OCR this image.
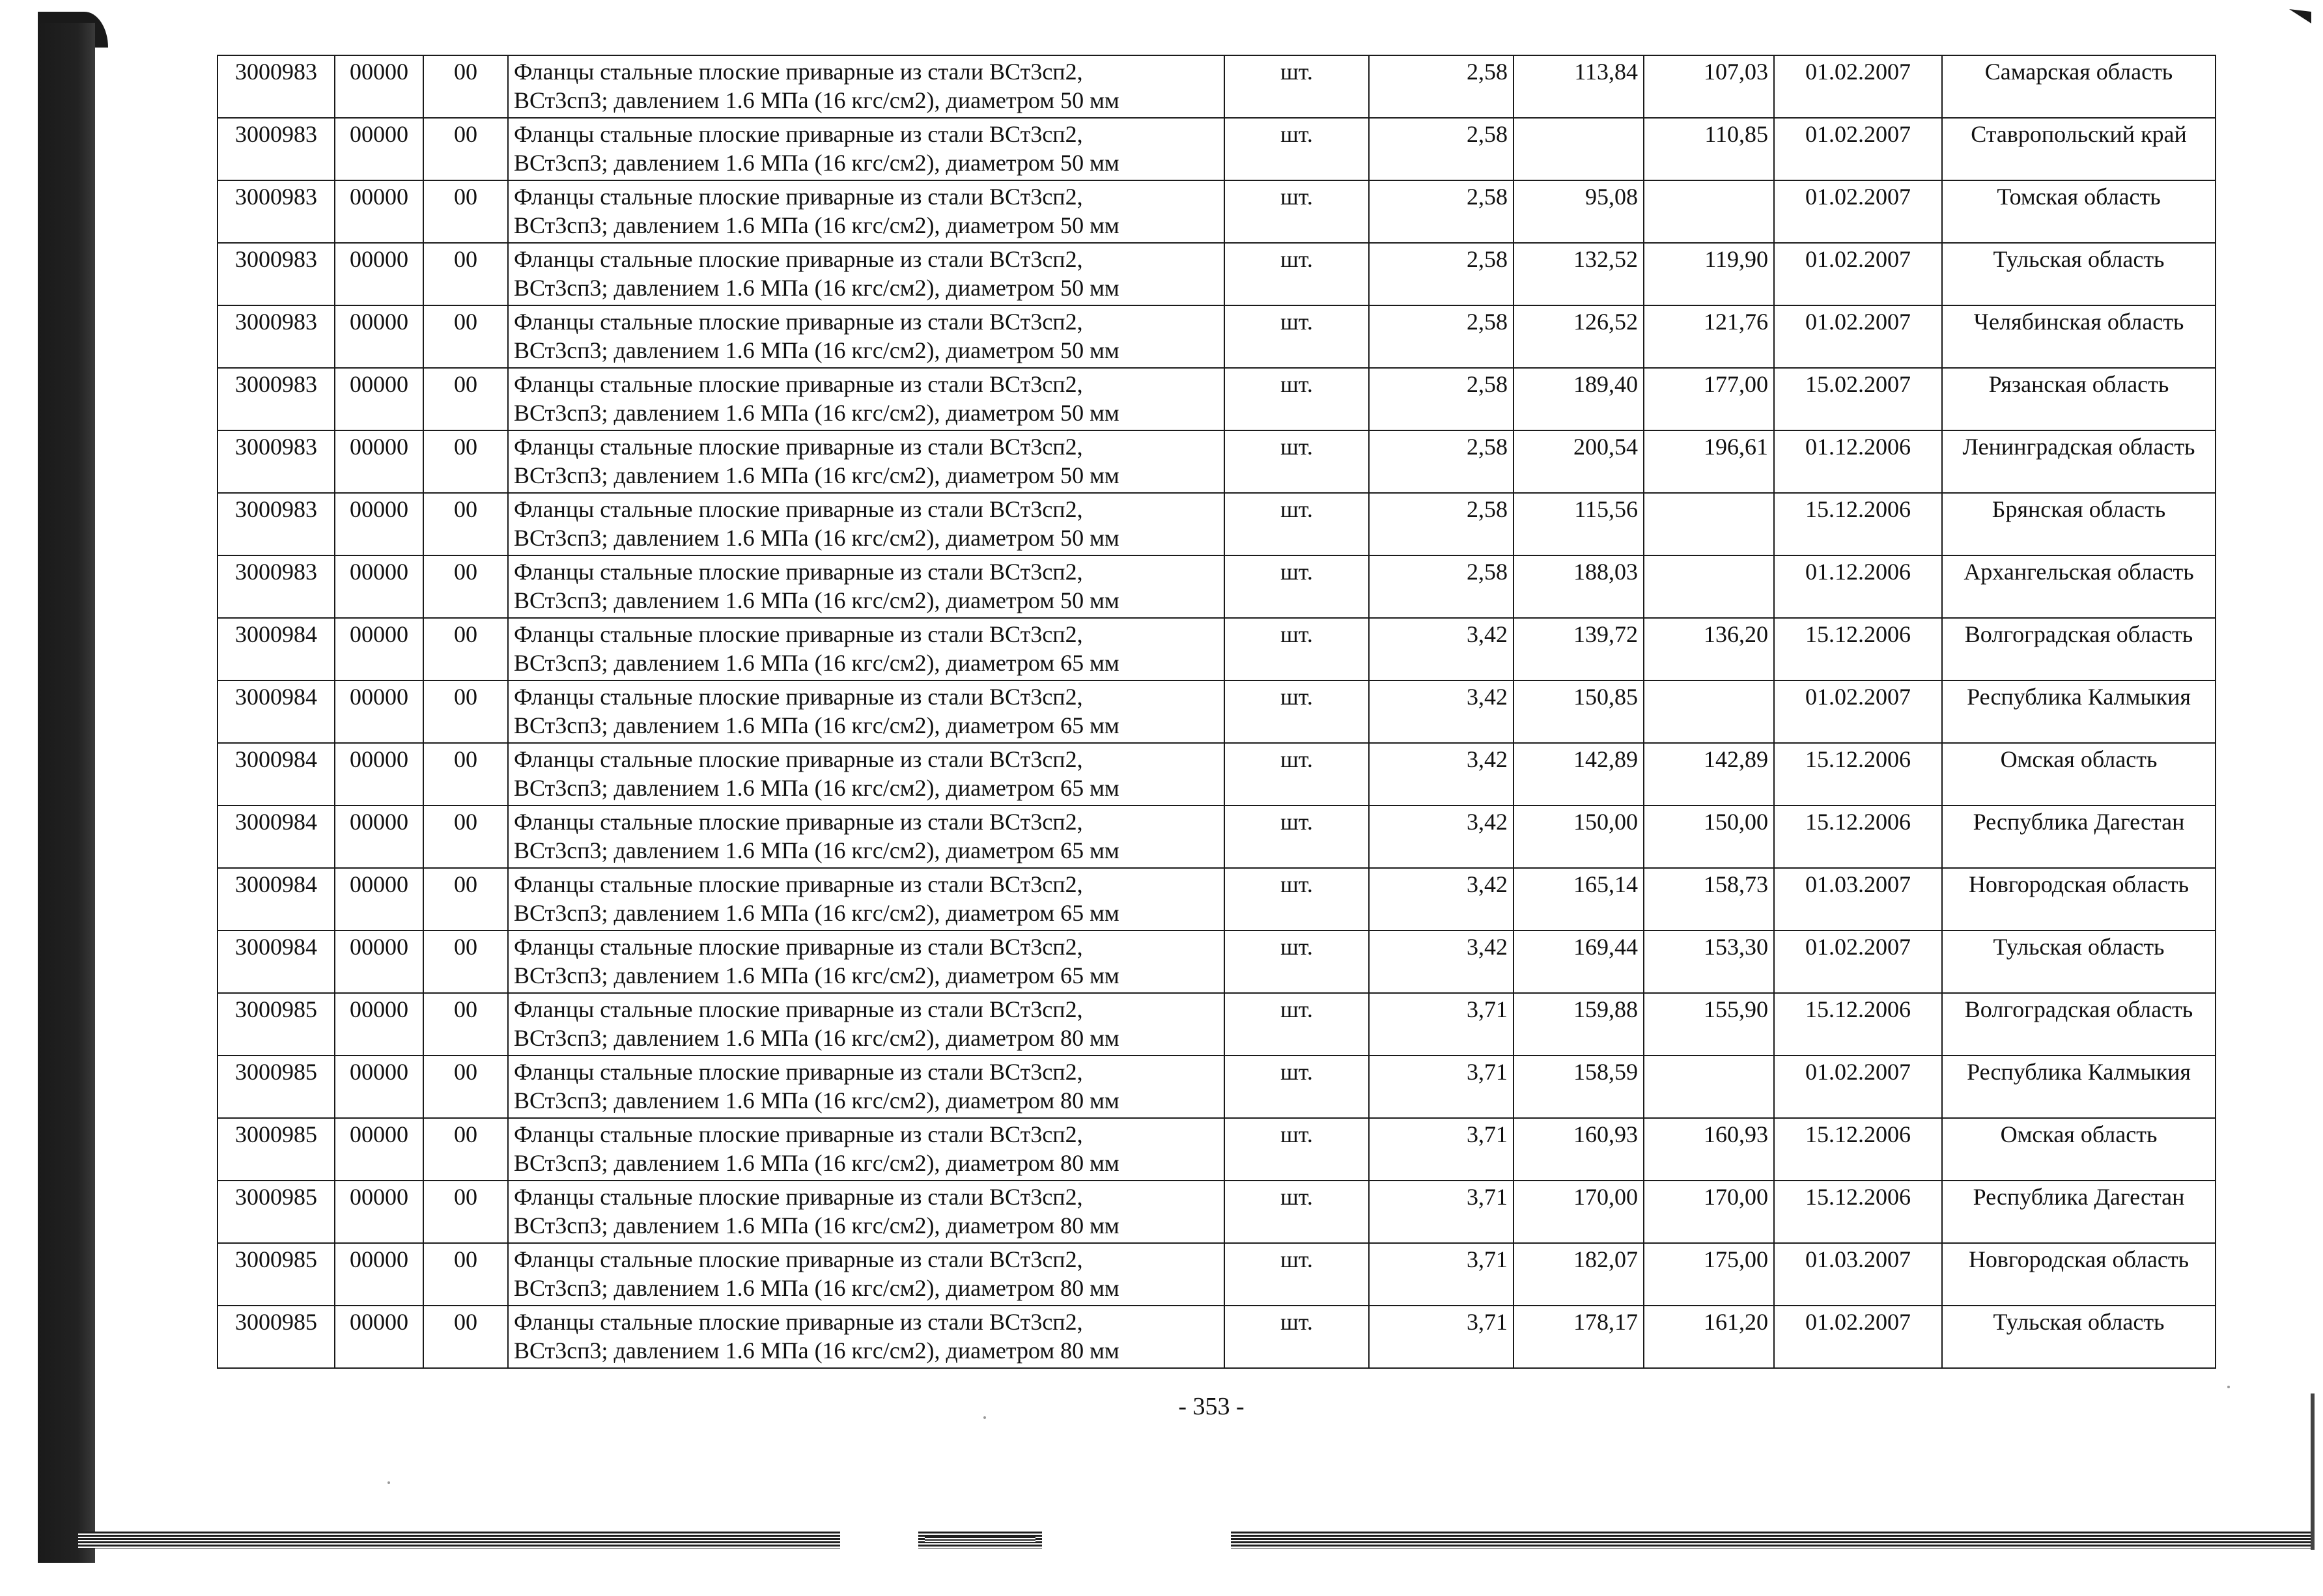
3000983	00000	00	Фланцы стальные плоские приварные из стали ВСт3сп2,
ВСт3сп3; давлением 1.6 МПа (16 кгс/см2), диаметром 50 мм	шт.	2,58	113,84	107,03	01.02.2007	Самарская область
3000983	00000	00	Фланцы стальные плоские приварные из стали ВСт3сп2,
ВСт3сп3; давлением 1.6 МПа (16 кгс/см2), диаметром 50 мм	шт.	2,58		110,85	01.02.2007	Ставропольский край
3000983	00000	00	Фланцы стальные плоские приварные из стали ВСт3сп2,
ВСт3сп3; давлением 1.6 МПа (16 кгс/см2), диаметром 50 мм	шт.	2,58	95,08		01.02.2007	Томская область
3000983	00000	00	Фланцы стальные плоские приварные из стали ВСт3сп2,
ВСт3сп3; давлением 1.6 МПа (16 кгс/см2), диаметром 50 мм	шт.	2,58	132,52	119,90	01.02.2007	Тульская область
3000983	00000	00	Фланцы стальные плоские приварные из стали ВСт3сп2,
ВСт3сп3; давлением 1.6 МПа (16 кгс/см2), диаметром 50 мм	шт.	2,58	126,52	121,76	01.02.2007	Челябинская область
3000983	00000	00	Фланцы стальные плоские приварные из стали ВСт3сп2,
ВСт3сп3; давлением 1.6 МПа (16 кгс/см2), диаметром 50 мм	шт.	2,58	189,40	177,00	15.02.2007	Рязанская область
3000983	00000	00	Фланцы стальные плоские приварные из стали ВСт3сп2,
ВСт3сп3; давлением 1.6 МПа (16 кгс/см2), диаметром 50 мм	шт.	2,58	200,54	196,61	01.12.2006	Ленинградская область
3000983	00000	00	Фланцы стальные плоские приварные из стали ВСт3сп2,
ВСт3сп3; давлением 1.6 МПа (16 кгс/см2), диаметром 50 мм	шт.	2,58	115,56		15.12.2006	Брянская область
3000983	00000	00	Фланцы стальные плоские приварные из стали ВСт3сп2,
ВСт3сп3; давлением 1.6 МПа (16 кгс/см2), диаметром 50 мм	шт.	2,58	188,03		01.12.2006	Архангельская область
3000984	00000	00	Фланцы стальные плоские приварные из стали ВСт3сп2,
ВСт3сп3; давлением 1.6 МПа (16 кгс/см2), диаметром 65 мм	шт.	3,42	139,72	136,20	15.12.2006	Волгоградская область
3000984	00000	00	Фланцы стальные плоские приварные из стали ВСт3сп2,
ВСт3сп3; давлением 1.6 МПа (16 кгс/см2), диаметром 65 мм	шт.	3,42	150,85		01.02.2007	Республика Калмыкия
3000984	00000	00	Фланцы стальные плоские приварные из стали ВСт3сп2,
ВСт3сп3; давлением 1.6 МПа (16 кгс/см2), диаметром 65 мм	шт.	3,42	142,89	142,89	15.12.2006	Омская область
3000984	00000	00	Фланцы стальные плоские приварные из стали ВСт3сп2,
ВСт3сп3; давлением 1.6 МПа (16 кгс/см2), диаметром 65 мм	шт.	3,42	150,00	150,00	15.12.2006	Республика Дагестан
3000984	00000	00	Фланцы стальные плоские приварные из стали ВСт3сп2,
ВСт3сп3; давлением 1.6 МПа (16 кгс/см2), диаметром 65 мм	шт.	3,42	165,14	158,73	01.03.2007	Новгородская область
3000984	00000	00	Фланцы стальные плоские приварные из стали ВСт3сп2,
ВСт3сп3; давлением 1.6 МПа (16 кгс/см2), диаметром 65 мм	шт.	3,42	169,44	153,30	01.02.2007	Тульская область
3000985	00000	00	Фланцы стальные плоские приварные из стали ВСт3сп2,
ВСт3сп3; давлением 1.6 МПа (16 кгс/см2), диаметром 80 мм	шт.	3,71	159,88	155,90	15.12.2006	Волгоградская область
3000985	00000	00	Фланцы стальные плоские приварные из стали ВСт3сп2,
ВСт3сп3; давлением 1.6 МПа (16 кгс/см2), диаметром 80 мм	шт.	3,71	158,59		01.02.2007	Республика Калмыкия
3000985	00000	00	Фланцы стальные плоские приварные из стали ВСт3сп2,
ВСт3сп3; давлением 1.6 МПа (16 кгс/см2), диаметром 80 мм	шт.	3,71	160,93	160,93	15.12.2006	Омская область
3000985	00000	00	Фланцы стальные плоские приварные из стали ВСт3сп2,
ВСт3сп3; давлением 1.6 МПа (16 кгс/см2), диаметром 80 мм	шт.	3,71	170,00	170,00	15.12.2006	Республика Дагестан
3000985	00000	00	Фланцы стальные плоские приварные из стали ВСт3сп2,
ВСт3сп3; давлением 1.6 МПа (16 кгс/см2), диаметром 80 мм	шт.	3,71	182,07	175,00	01.03.2007	Новгородская область
3000985	00000	00	Фланцы стальные плоские приварные из стали ВСт3сп2,
ВСт3сп3; давлением 1.6 МПа (16 кгс/см2), диаметром 80 мм	шт.	3,71	178,17	161,20	01.02.2007	Тульская область
- 353 -
